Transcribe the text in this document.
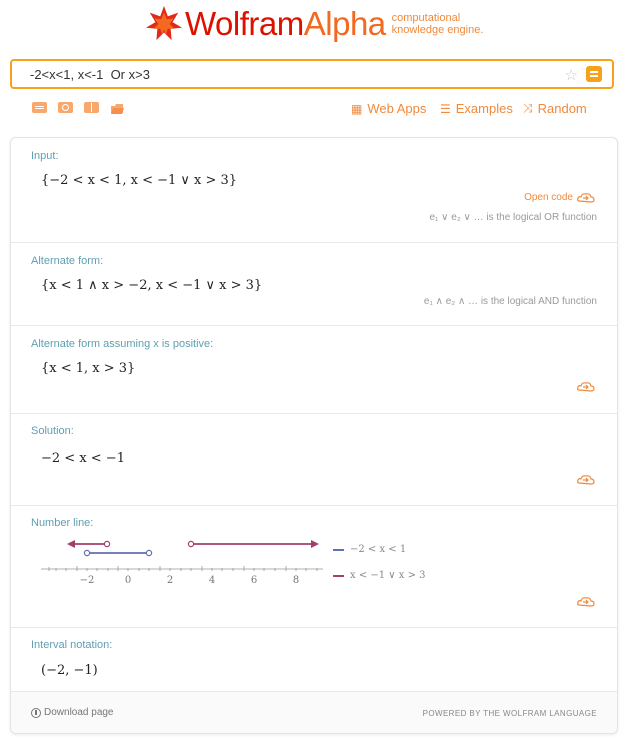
WolframAlpha computational
knowledge engine.
-2<x<1, x<-1 Or x>3
☆
▦ Web Apps ☰ Examples ⤨ Random
Input:
{−2 < x < 1, x < −1 ∨ x > 3}
Open code
e₁ ∨ e₂ ∨ … is the logical OR function
Alternate form:
{x < 1 ∧ x > −2, x < −1 ∨ x > 3}
e₁ ∧ e₂ ∧ … is the logical AND function
Alternate form assuming x is positive:
{x < 1, x > 3}
Solution:
−2 < x < −1
Number line:
−2	0	2	4	6	8
−2 < x < 1
x < −1 ∨ x > 3
Interval notation:
(−2, −1)
Download page	POWERED BY THE WOLFRAM LANGUAGE
